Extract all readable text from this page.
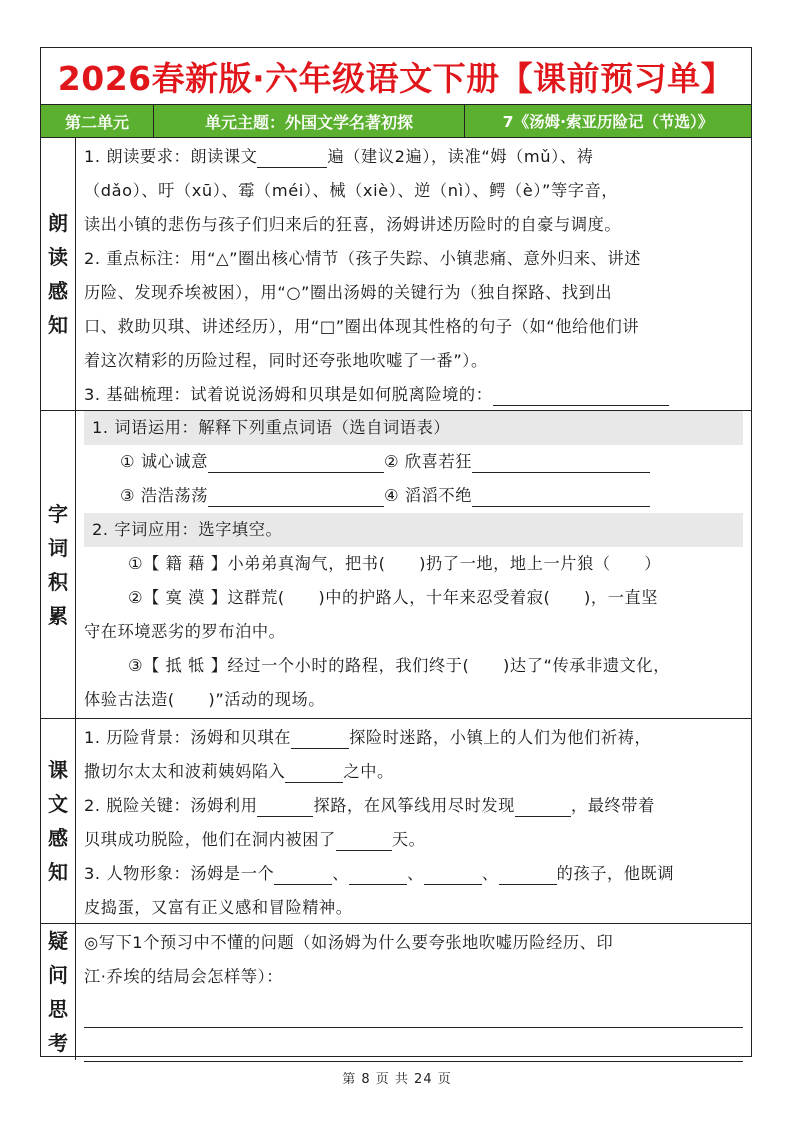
2026春新版·六年级语文下册【课前预习单】
第二单元	单元主题：外国文学名著初探	7《汤姆·索亚历险记（节选）》
朗
读
感
知

1. 朗读要求：朗读课文	遍（建议2遍），读准“姆（mǔ）、祷

（dǎo）、吁（xū）、霉（méi）、械（xiè）、逆（nì）、鳄（è）”等字音，

读出小镇的悲伤与孩子们归来后的狂喜，汤姆讲述历险时的自豪与调度。

2. 重点标注：用“△”圈出核心情节（孩子失踪、小镇悲痛、意外归来、讲述

历险、发现乔埃被困），用“○”圈出汤姆的关键行为（独自探路、找到出

口、救助贝琪、讲述经历），用“□”圈出体现其性格的句子（如“他给他们讲

着这次精彩的历险过程，同时还夸张地吹嘘了一番”）。

3. 基础梳理：试着说说汤姆和贝琪是如何脱离险境的：

字
词
积
累

1. 词语运用：解释下列重点词语（选自词语表）

① 诚心诚意	② 欣喜若狂

③ 浩浩荡荡	④ 滔滔不绝

2. 字词应用：选字填空。

①【 籍 藉 】小弟弟真淘气，把书(　　)扔了一地，地上一片狼（　　）

②【 寞 漠 】这群荒(　　)中的护路人，十年来忍受着寂(　　)，一直坚

守在环境恶劣的罗布泊中。

③【 抵 牴 】经过一个小时的路程，我们终于(　　)达了“传承非遗文化，

体验古法造(　　)”活动的现场。

课
文
感
知

1. 历险背景：汤姆和贝琪在	探险时迷路，小镇上的人们为他们祈祷，

撒切尔太太和波莉姨妈陷入	之中。

2. 脱险关键：汤姆利用	探路，在风筝线用尽时发现	，最终带着

贝琪成功脱险，他们在洞内被困了	天。

3. 人物形象：汤姆是一个	、	、	、	的孩子，他既调

皮捣蛋，又富有正义感和冒险精神。

疑
问
思
考

◎写下1个预习中不懂的问题（如汤姆为什么要夸张地吹嘘历险经历、印

江·乔埃的结局会怎样等）：

第 8 页 共 24 页
